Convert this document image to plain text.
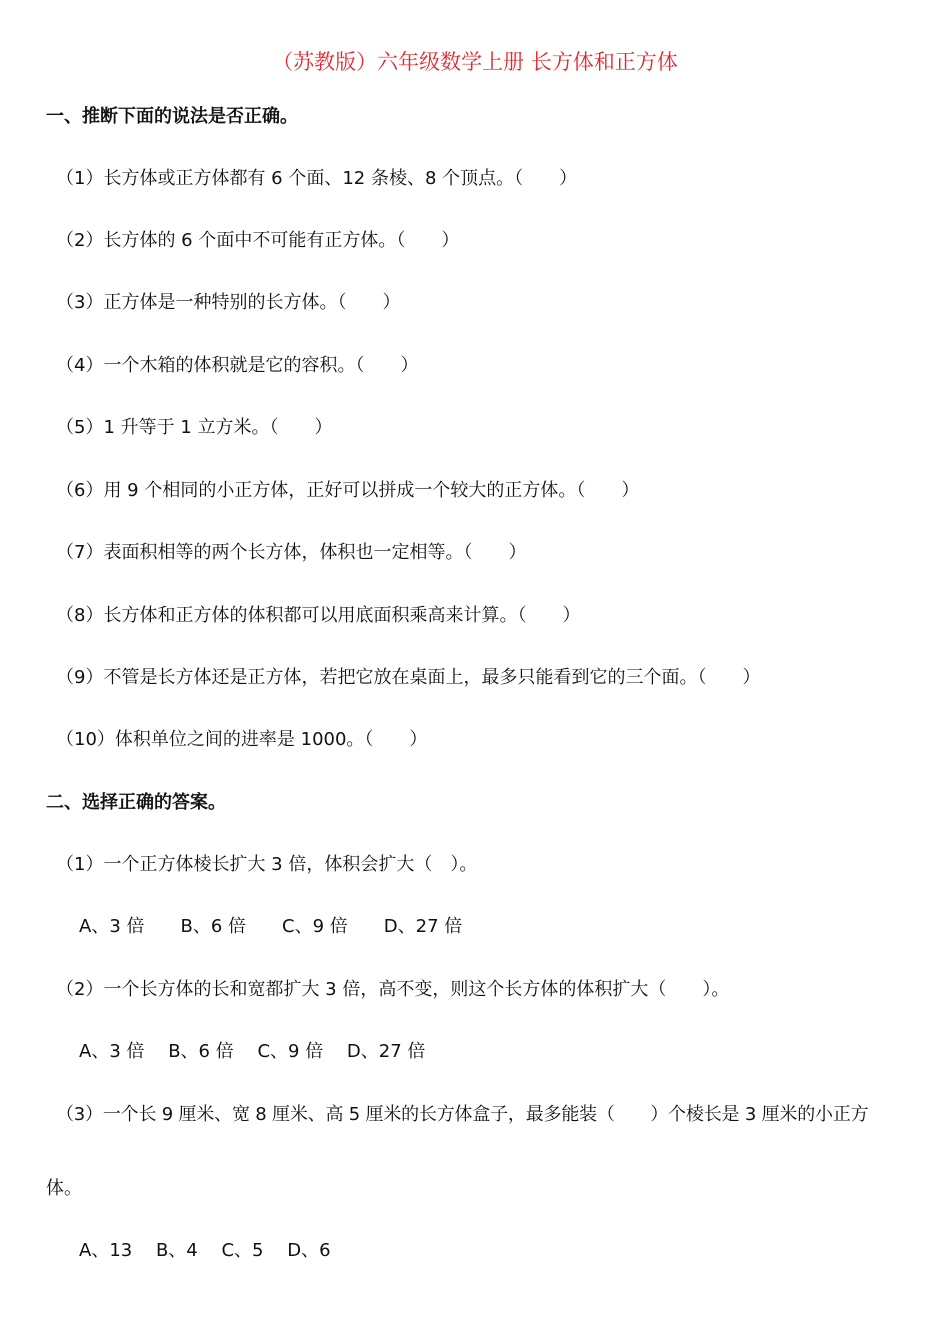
（苏教版）六年级数学上册 长方体和正方体
一、推断下面的说法是否正确。
（1）长方体或正方体都有 6 个面、12 条棱、8 个顶点。（　　）
（2）长方体的 6 个面中不可能有正方体。（　　）
（3）正方体是一种特别的长方体。（　　）
（4）一个木箱的体积就是它的容积。（　　）
（5）1 升等于 1 立方米。（　　）
（6）用 9 个相同的小正方体，正好可以拼成一个较大的正方体。（　　）
（7）表面积相等的两个长方体，体积也一定相等。（　　）
（8）长方体和正方体的体积都可以用底面积乘高来计算。（　　）
（9）不管是长方体还是正方体，若把它放在桌面上，最多只能看到它的三个面。（　　）
（10）体积单位之间的进率是 1000。（　　）
二、选择正确的答案。
（1）一个正方体棱长扩大 3 倍，体积会扩大（　）。
A、3 倍　　B、6 倍　　C、9 倍　　D、27 倍
（2）一个长方体的长和宽都扩大 3 倍，高不变，则这个长方体的体积扩大（　　）。
A、3 倍　 B、6 倍　 C、9 倍　 D、27 倍
（3）一个长 9 厘米、宽 8 厘米、高 5 厘米的长方体盒子，最多能装（　　）个棱长是 3 厘米的小正方
体。
A、13　 B、4　 C、5　 D、6
